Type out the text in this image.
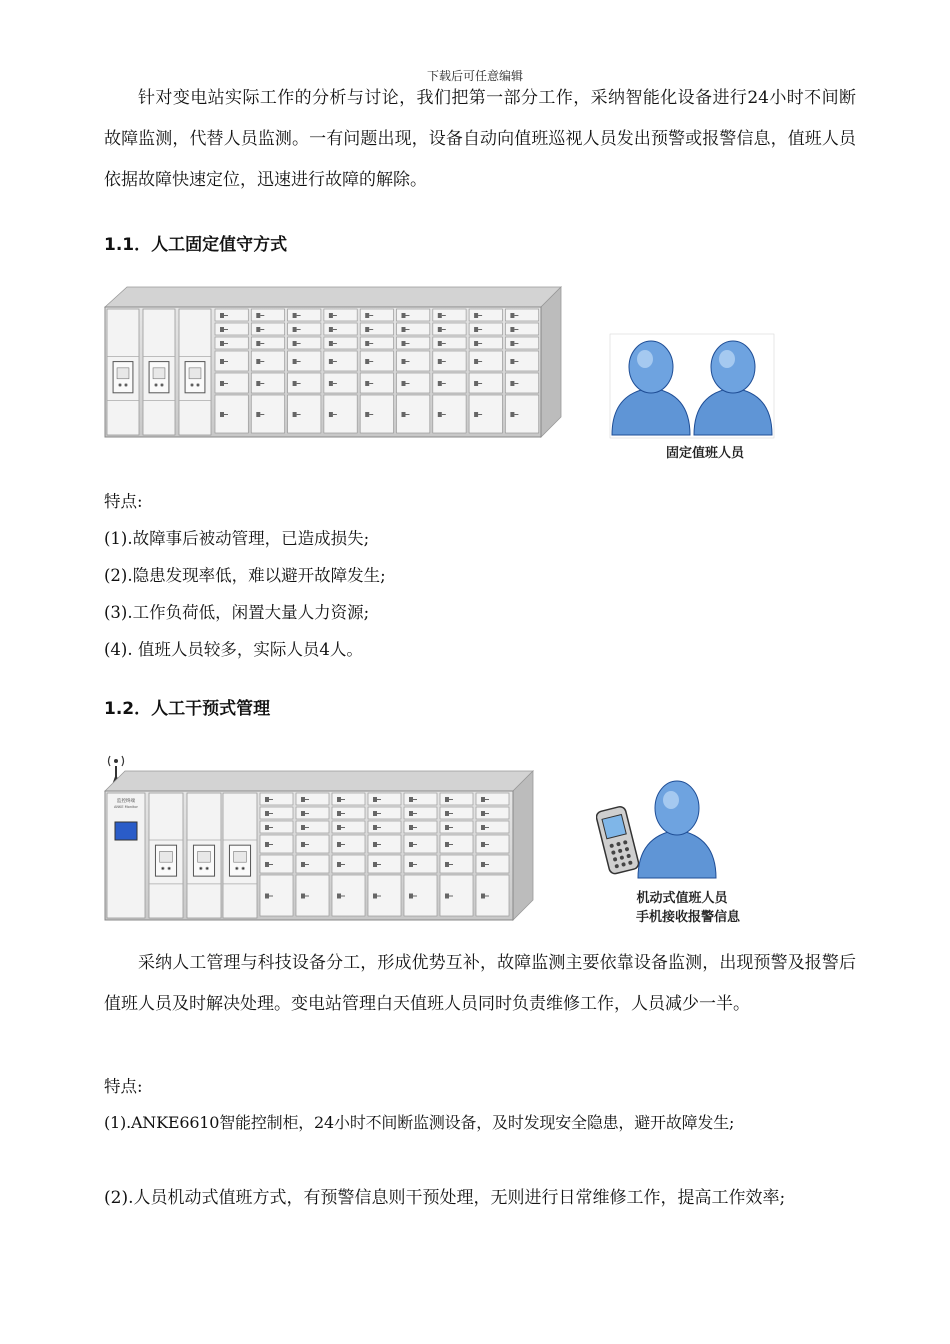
下载后可任意编辑
针对变电站实际工作的分析与讨论，我们把第一部分工作，采纳智能化设备进行24小时不间断故障监测，代替人员监测。一有问题出现，设备自动向值班巡视人员发出预警或报警信息，值班人员依据故障快速定位，迅速进行故障的解除。
1.1．人工固定值守方式
固定值班人员
特点:
(1).故障事后被动管理，已造成损失;
(2).隐患发现率低，难以避开故障发生;
(3).工作负荷低，闲置大量人力资源;
(4). 值班人员较多，实际人员4人。
1.2．人工干预式管理
监控终端
ANKE Monitor
机动式值班人员
手机接收报警信息
采纳人工管理与科技设备分工，形成优势互补，故障监测主要依靠设备监测，出现预警及报警后值班人员及时解决处理。变电站管理白天值班人员同时负责维修工作，人员减少一半。
特点:
(1).ANKE6610智能控制柜，24小时不间断监测设备，及时发现安全隐患，避开故障发生;
(2).人员机动式值班方式，有预警信息则干预处理，无则进行日常维修工作，提高工作效率;
